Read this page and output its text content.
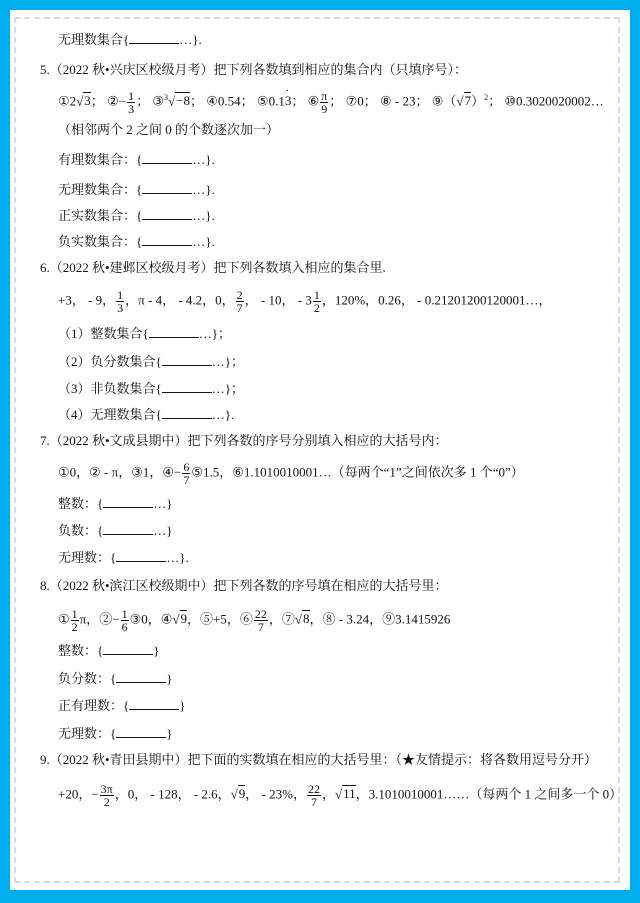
无理数集合{	…}.
5.（2022 秋•兴庆区校级月考）把下列各数填到相应的集合内（只填序号）：
①2√3； ②− $\frac{1}{3}$ ； ③$^3$√−8； ④0.54； ⑤0.13 ·； ⑥ $\frac{\pi}{9}$ ； ⑦0； ⑧ - 23； $⑨(√7)^2$； ⑩0.3020020002…
（相邻两个 2 之间 0 的个数逐次加一）
有理数集合：{	…}.
无理数集合：{	…}.
正实数集合：{	…}.
负实数集合：{	…}.
6.（2022 秋•建邺区校级月考）把下列各数填入相应的集合里.
+3， - 9， $\frac{1}{3}$ ，π - 4， - 4.2，0， $\frac{2}{7}$ ， - 10， - $3 \frac{1}{2}$ ，120%，0.26， - 0.21201200120001…，
（1）整数集合{	…}；
（2）负分数集合{	…}；
（3）非负数集合{	…}；
（4）无理数集合{	…}.
7.（2022 秋•文成县期中）把下列各数的序号分别填入相应的大括号内：
①0，② - π，③1，④− $\frac{6}{7}$ ⑤1.5，⑥1.1010010001…（每两个“1”之间依次多 1 个“0”）
整数：{	…}
负数：{	…}
无理数：{	…}.
8.（2022 秋•滨江区校级期中）把下列各数的序号填在相应的大括号里：
① $\frac{1}{2}$ π，②− $\frac{1}{6}$ ③0，④√9，⑤+5，⑥ $\frac{22}{7}$ ，⑦√8，⑧ - 3.24，⑨3.1415926
整数：{	}
负分数：{	}
正有理数：{	}
无理数：{	}
9.（2022 秋•青田县期中）把下面的实数填在相应的大括号里：（★友情提示：将各数用逗号分开）
+20，− $\frac{3\pi}{2}$ ，0， - 128， - 2.6，√9， - 23%， $\frac{22}{7}$ ，√11，3.1010010001……（每两个 1 之间多一个 0）
